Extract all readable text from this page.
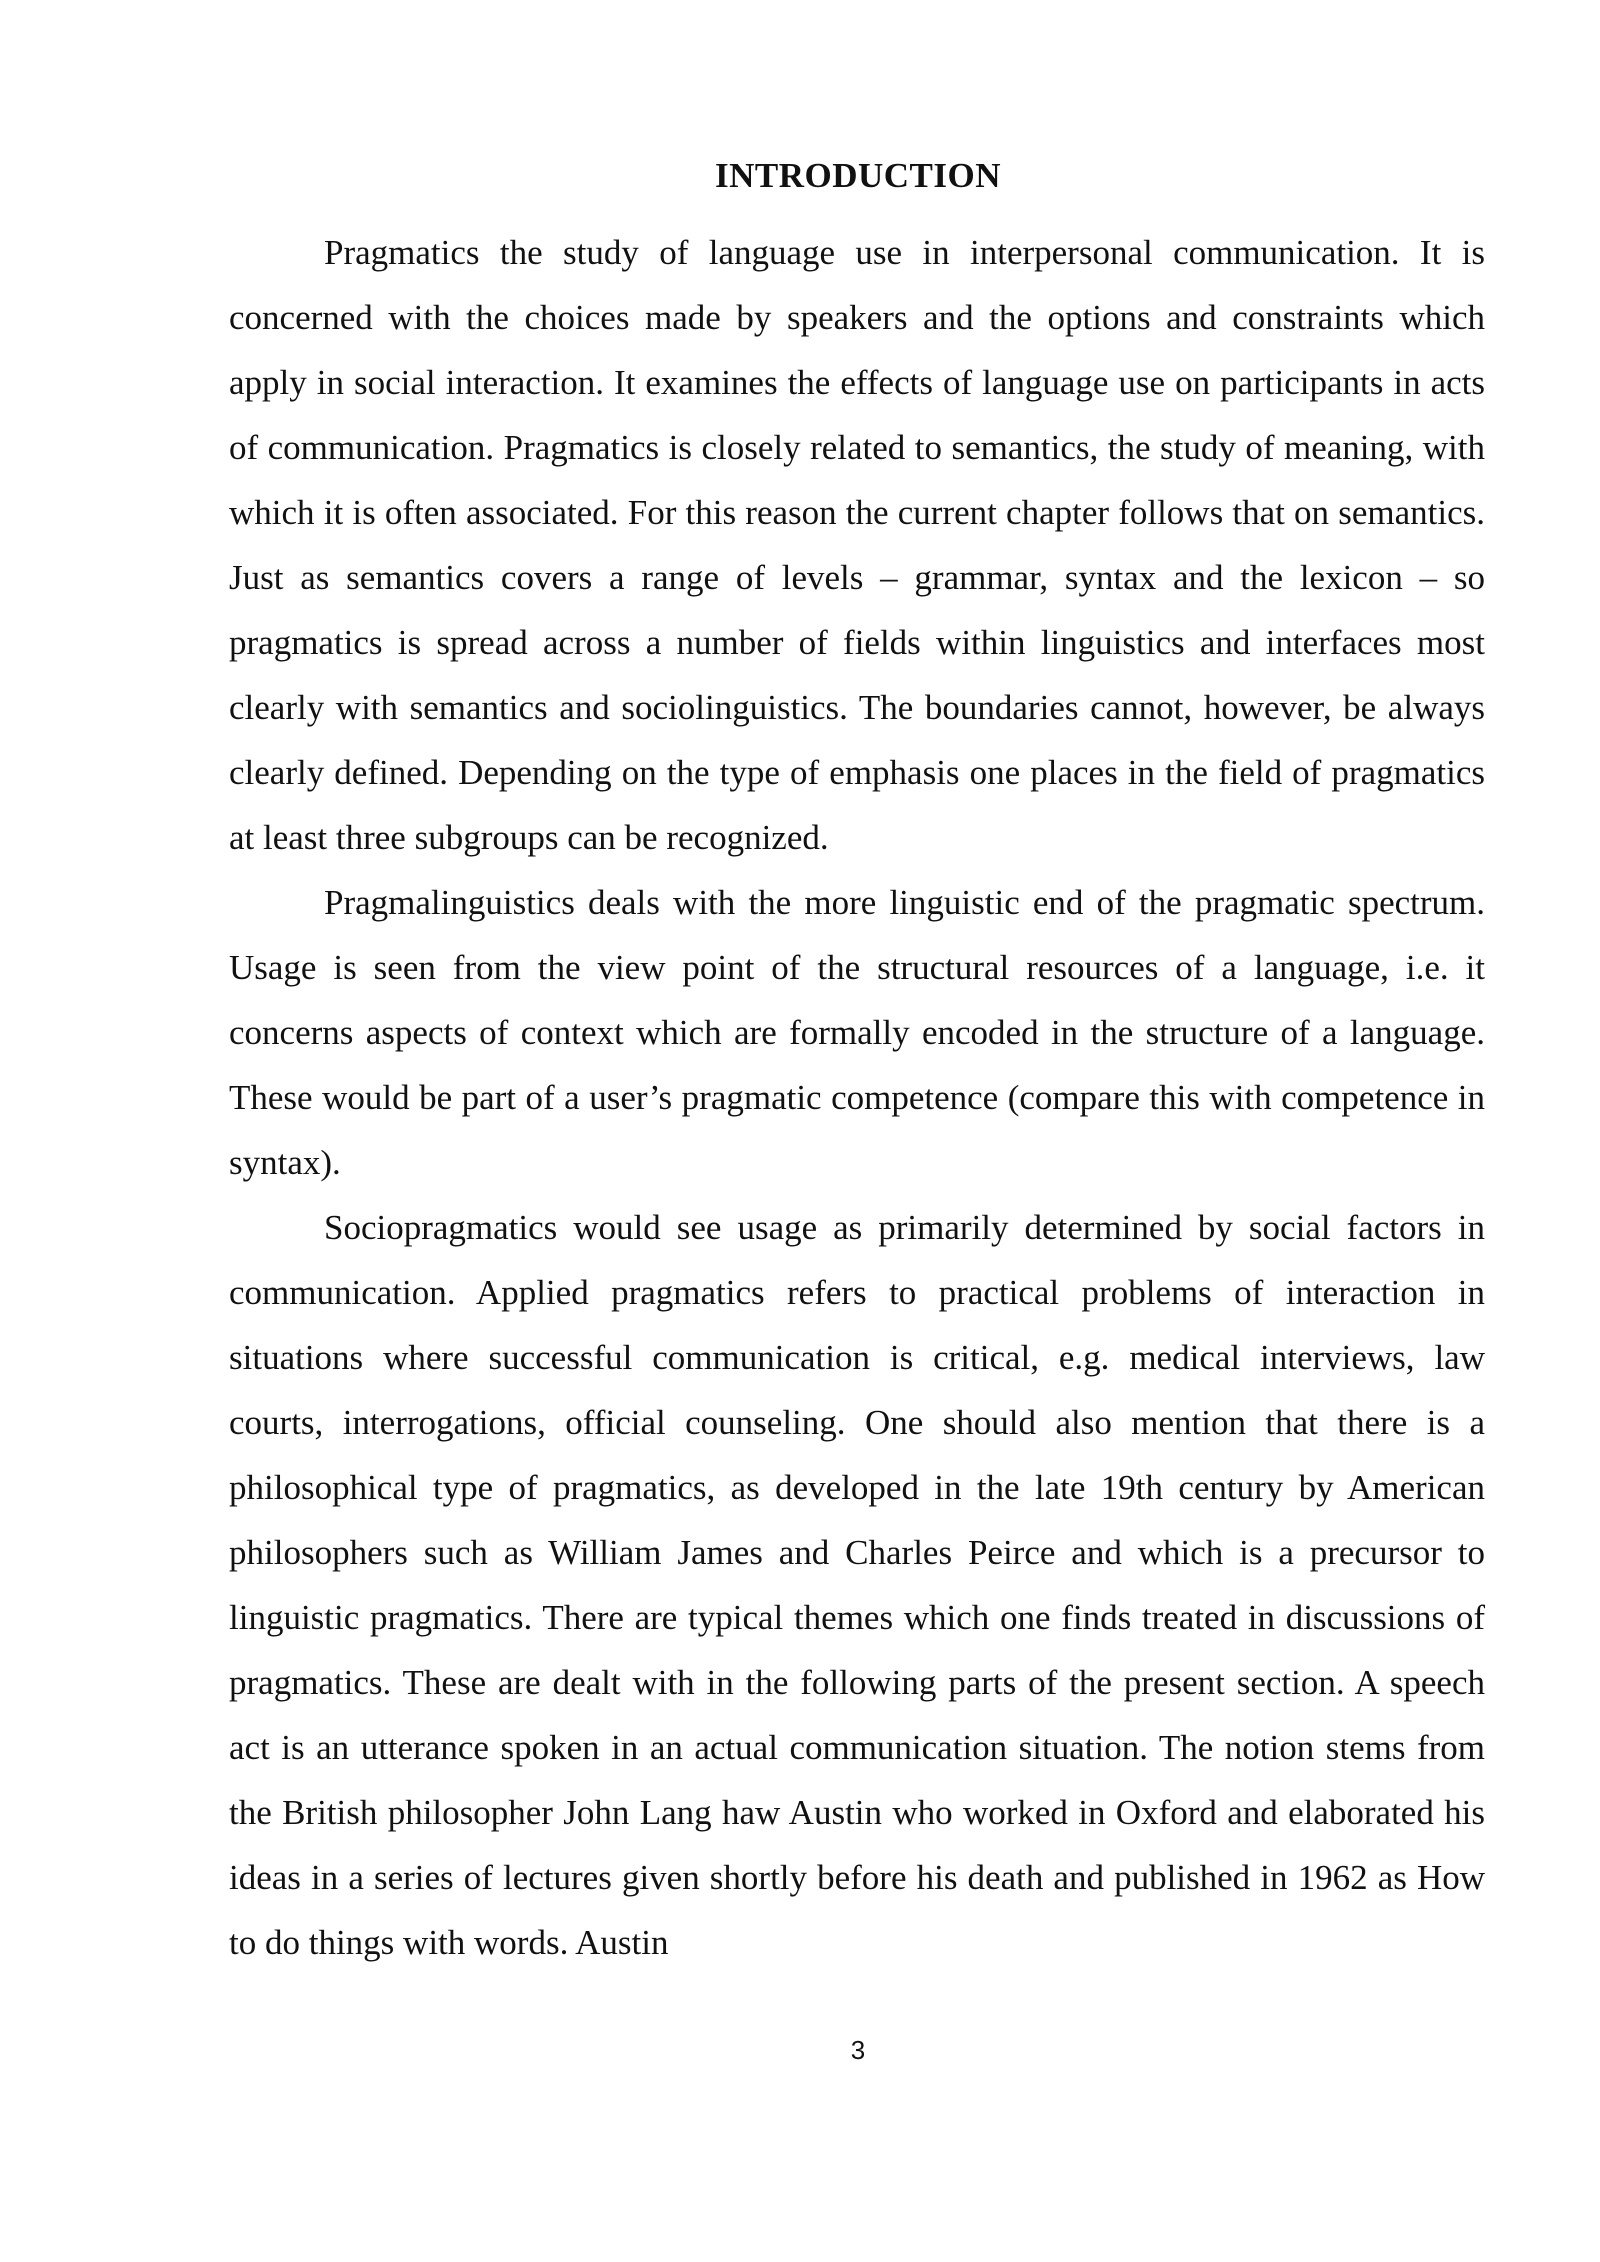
INTRODUCTION

Pragmatics the study of language use in interpersonal communication. It is concerned with the choices made by speakers and the options and constraints which apply in social interaction. It examines the effects of language use on participants in acts of communication. Pragmatics is closely related to semantics, the study of meaning, with which it is often associated. For this reason the current chapter follows that on semantics. Just as semantics covers a range of levels – grammar, syntax and the lexicon – so pragmatics is spread across a number of fields within linguistics and interfaces most clearly with semantics and sociolinguistics. The boundaries cannot, however, be always clearly defined. Depending on the type of emphasis one places in the field of pragmatics at least three subgroups can be recognized.

Pragmalinguistics deals with the more linguistic end of the pragmatic spectrum. Usage is seen from the view point of the structural resources of a language, i.e. it concerns aspects of context which are formally encoded in the structure of a language. These would be part of a user’s pragmatic competence (compare this with competence in syntax).

Sociopragmatics would see usage as primarily determined by social factors in communication. Applied pragmatics refers to practical problems of interaction in situations where successful communication is critical, e.g. medical interviews, law courts, interrogations, official counseling. One should also mention that there is a philosophical type of pragmatics, as developed in the late 19th century by American philosophers such as William James and Charles Peirce and which is a precursor to linguistic pragmatics. There are typical themes which one finds treated in discussions of pragmatics. These are dealt with in the following parts of the present section. A speech act is an utterance spoken in an actual communication situation. The notion stems from the British philosopher John Lang haw Austin who worked in Oxford and elaborated his ideas in a series of lectures given shortly before his death and published in 1962 as How to do things with words. Austin

3
